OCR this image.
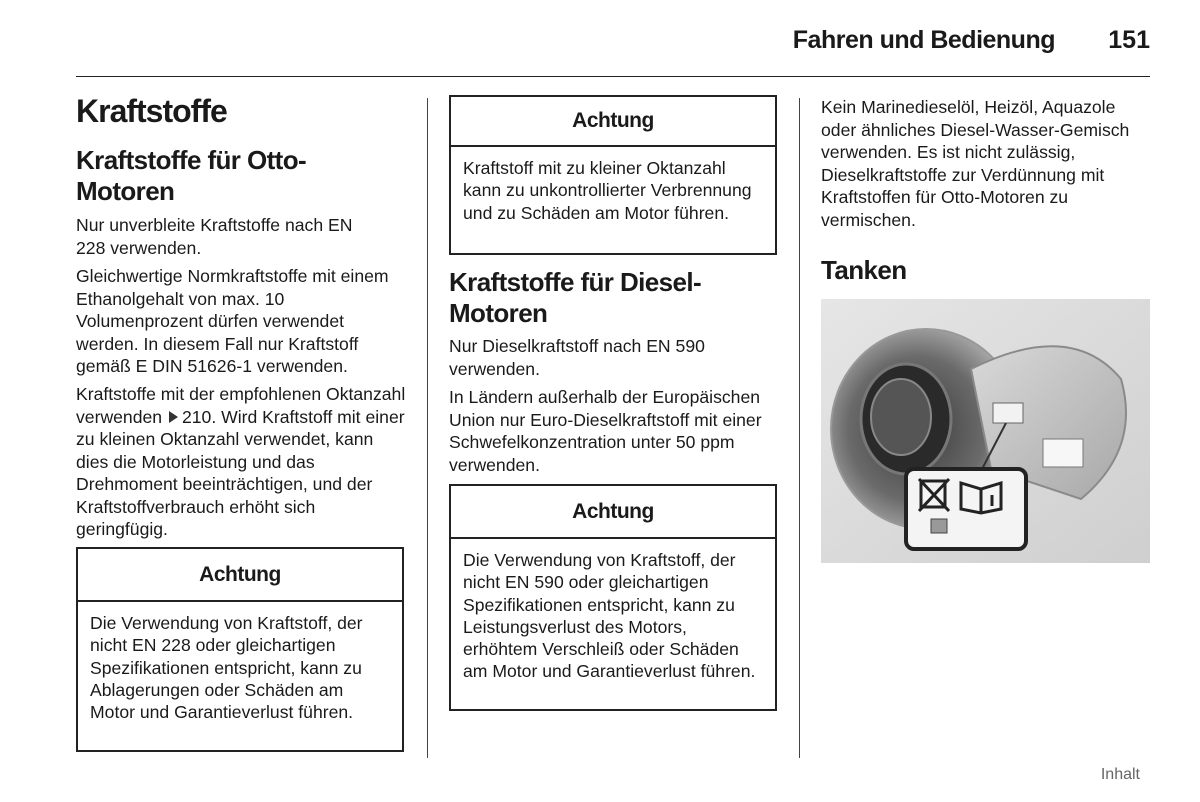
Fahren und Bedienung 151
Kraftstoffe
Kraftstoffe für Otto-Motoren

Nur unverbleite Kraftstoffe nach EN 228 verwenden.

Gleichwertige Normkraftstoffe mit einem Ethanolgehalt von max. 10 Volumenprozent dürfen verwendet werden. In diesem Fall nur Kraftstoff gemäß E DIN 51626-1 verwenden.

Kraftstoffe mit der empfohlenen Oktanzahl verwenden 210. Wird Kraftstoff mit einer zu kleinen Oktanzahl verwendet, kann dies die Motorleistung und das Drehmoment beeinträchtigen, und der Kraftstoffverbrauch erhöht sich geringfügig.

Achtung

Die Verwendung von Kraftstoff, der nicht EN 228 oder gleichartigen Spezifikationen entspricht, kann zu Ablagerungen oder Schäden am Motor und Garantieverlust führen.

Achtung

Kraftstoff mit zu kleiner Oktanzahl kann zu unkontrollierter Verbrennung und zu Schäden am Motor führen.

Kraftstoffe für Diesel-Motoren

Nur Dieselkraftstoff nach EN 590 verwenden.

In Ländern außerhalb der Europäischen Union nur Euro-Dieselkraftstoff mit einer Schwefelkonzentration unter 50 ppm verwenden.

Achtung

Die Verwendung von Kraftstoff, der nicht EN 590 oder gleichartigen Spezifikationen entspricht, kann zu Leistungsverlust des Motors, erhöhtem Verschleiß oder Schäden am Motor und Garantieverlust führen.

Kein Marinedieselöl, Heizöl, Aquazole oder ähnliches Diesel-Wasser-Gemisch verwenden. Es ist nicht zulässig, Dieselkraftstoffe zur Verdünnung mit Kraftstoffen für Otto-Motoren zu vermischen.

Tanken
Inhalt
